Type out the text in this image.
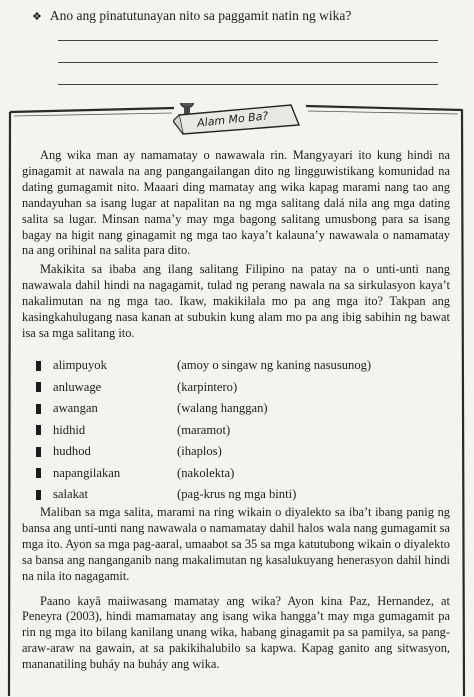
❖ Ano ang pinatutunayan nito sa paggamit natin ng wika?
Alam Mo Ba?

Ang wika man ay namamatay o nawawala rin. Mangyayari ito kung hindi na ginagamit at nawala na ang pangangailangan dito ng lingguwistikang komunidad na dating gumagamit nito. Maaari ding mamatay ang wika kapag marami nang tao ang nandayuhan sa isang lugar at napalitan na ng mga salitang dalá nila ang mga dating salita sa lugar. Minsan nama’y may mga bagong salitang umusbong para sa isang bagay na higit nang ginagamit ng mga tao kaya’t kalauna’y nawawala o namamatay na ang orihinal na salita para dito.

Makikita sa ibaba ang ilang salitang Filipino na patay na o unti-unti nang nawawala dahil hindi na nagagamit, tulad ng perang nawala na sa sirkulasyon kaya’t nakalimutan na ng mga tao. Ikaw, makikilala mo pa ang mga ito? Takpan ang kasingkahulugang nasa kanan at subukin kung alam mo pa ang ibig sabihin ng bawat isa sa mga salitang ito.

alimpuyok	(amoy o singaw ng kaning nasusunog)
anluwage	(karpintero)
awangan	(walang hanggan)
hidhid	(maramot)
hudhod	(ihaplos)
napangilakan	(nakolekta)
salakat	(pag-krus ng mga binti)

Maliban sa mga salita, marami na ring wikain o diyalekto sa iba’t ibang panig ng bansa ang unti-unti nang nawawala o namamatay dahil halos wala nang gumagamit sa mga ito. Ayon sa mga pag-aaral, umaabot sa 35 sa mga katutubong wikain o diyalekto sa bansa ang nanganganib nang makalimutan ng kasalukuyang henerasyon dahil hindi na nila ito nagagamit.

Paano kayâ maiiwasang mamatay ang wika? Ayon kina Paz, Hernandez, at Peneyra (2003), hindi mamamatay ang isang wika hangga’t may mga gumagamit pa rin ng mga ito bilang kanilang unang wika, habang ginagamit pa sa pamilya, sa pang-araw-araw na gawain, at sa pakikihalubilo sa kapwa. Kapag ganito ang sitwasyon, mananatiling buháy na buháy ang wika.
